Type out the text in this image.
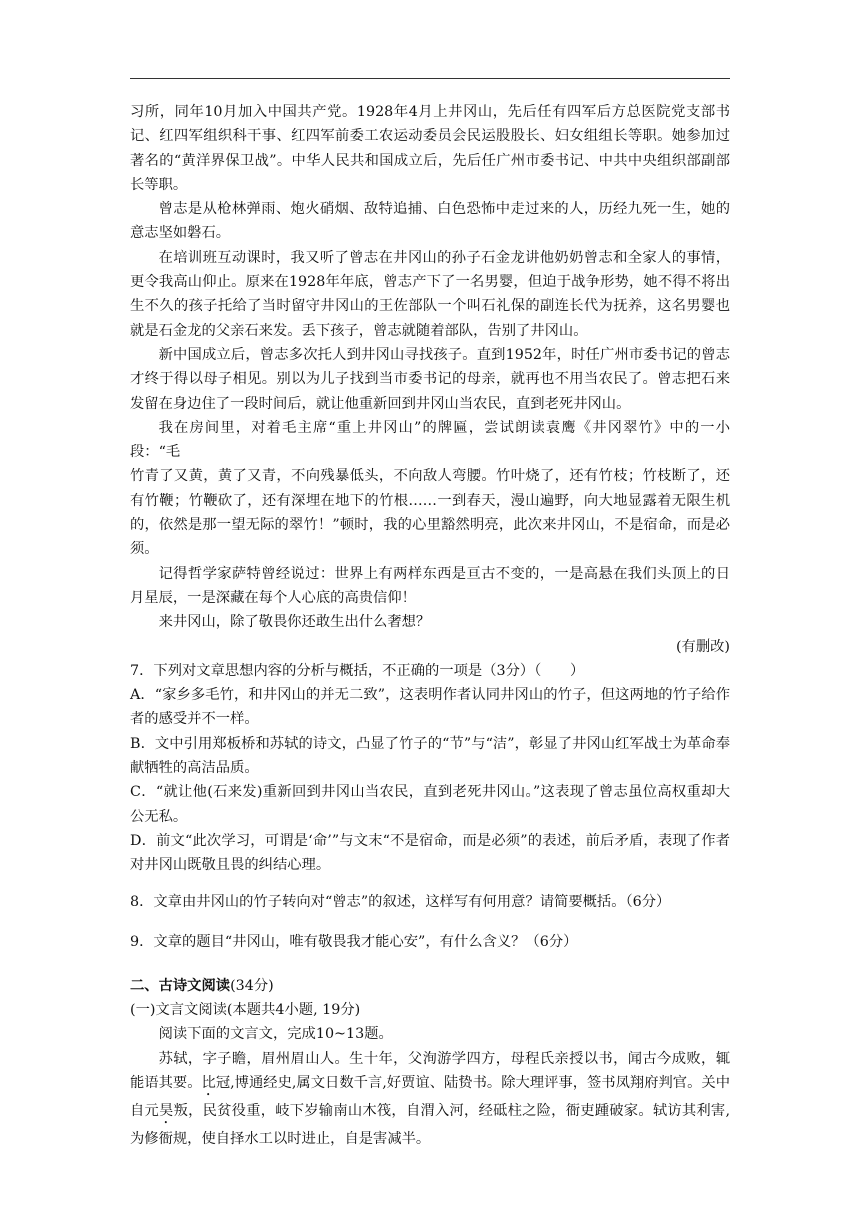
习所，同年10月加入中国共产党。1928年4月上井冈山，先后任有四军后方总医院党支部书记、红四军组织科干事、红四军前委工农运动委员会民运股股长、妇女组组长等职。她参加过著名的“黄洋界保卫战”。中华人民共和国成立后，先后任广州市委书记、中共中央组织部副部长等职。

曾志是从枪林弹雨、炮火硝烟、敌特追捕、白色恐怖中走过来的人，历经九死一生，她的意志坚如磐石。

在培训班互动课时，我又听了曾志在井冈山的孙子石金龙讲他奶奶曾志和全家人的事情，更令我高山仰止。原来在1928年年底，曾志产下了一名男婴，但迫于战争形势，她不得不将出生不久的孩子托给了当时留守井冈山的王佐部队一个叫石礼保的副连长代为抚养，这名男婴也就是石金龙的父亲石来发。丢下孩子，曾志就随着部队，告别了井冈山。

新中国成立后，曾志多次托人到井冈山寻找孩子。直到1952年，时任广州市委书记的曾志才终于得以母子相见。别以为儿子找到当市委书记的母亲，就再也不用当农民了。曾志把石来发留在身边住了一段时间后，就让他重新回到井冈山当农民，直到老死井冈山。

我在房间里，对着毛主席“重上井冈山”的牌匾，尝试朗读袁鹰《井冈翠竹》中的一小段：“毛

竹青了又黄，黄了又青，不向残暴低头，不向敌人弯腰。竹叶烧了，还有竹枝；竹枝断了，还有竹鞭；竹鞭砍了，还有深埋在地下的竹根……一到春天，漫山遍野，向大地显露着无限生机的，依然是那一望无际的翠竹！”顿时，我的心里豁然明亮，此次来井冈山，不是宿命，而是必须。

记得哲学家萨特曾经说过：世界上有两样东西是亘古不变的，一是高悬在我们头顶上的日月星辰，一是深藏在每个人心底的高贵信仰！

来井冈山，除了敬畏你还敢生出什么奢想？

(有删改)

7．下列对文章思想内容的分析与概括，不正确的一项是（3分）（　　）

A．“家乡多毛竹，和井冈山的并无二致”，这表明作者认同井冈山的竹子，但这两地的竹子给作者的感受并不一样。

B．文中引用郑板桥和苏轼的诗文，凸显了竹子的“节”与“洁”，彰显了井冈山红军战士为革命奉献牺牲的高洁品质。

C．“就让他(石来发)重新回到井冈山当农民，直到老死井冈山。”这表现了曾志虽位高权重却大公无私。

D．前文“此次学习，可谓是‘命’”与文末“不是宿命，而是必须”的表述，前后矛盾，表现了作者对井冈山既敬且畏的纠结心理。

8．文章由井冈山的竹子转向对“曾志”的叙述，这样写有何用意？请简要概括。（6分）

9．文章的题目“井冈山，唯有敬畏我才能心安”，有什么含义？（6分）

二、古诗文阅读(34分)

(一)文言文阅读(本题共4小题, 19分)

阅读下面的文言文，完成10~13题。

苏轼，字子瞻，眉州眉山人。生十年，父洵游学四方，母程氏亲授以书，闻古今成败，辄能语其要。比冠,博通经史,属文日数千言,好贾谊、陆贽书。除大理评事，签书凤翔府判官。关中自元昊叛，民贫役重，岐下岁输南山木筏，自渭入河，经砥柱之险，衙吏踵破家。轼访其利害,为修衙规，使自择水工以时进止，自是害减半。
